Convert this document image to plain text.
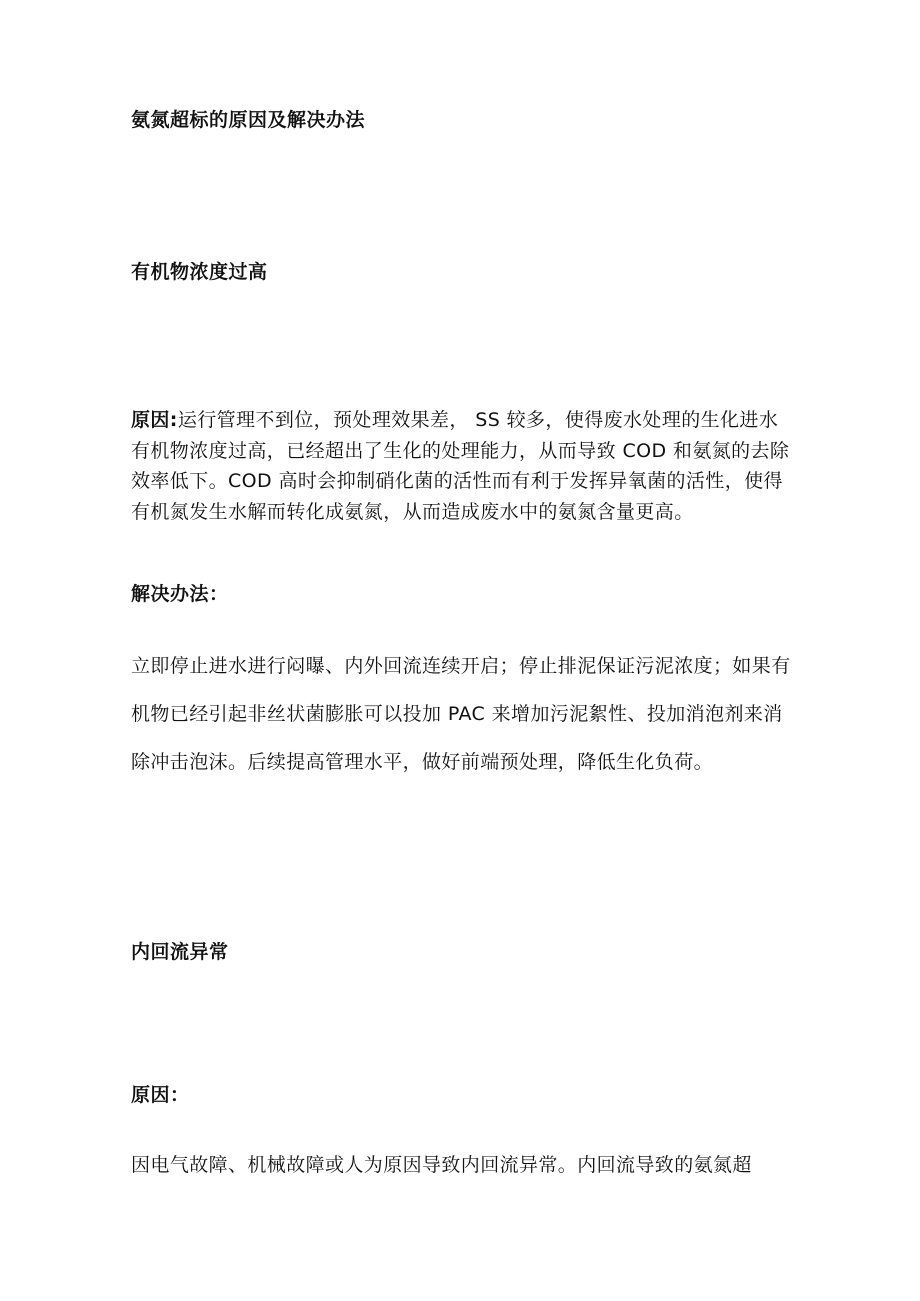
氨氮超标的原因及解决办法
有机物浓度过高

原因:运行管理不到位，预处理效果差， SS 较多，使得废水处理的生化进水有机物浓度过高，已经超出了生化的处理能力，从而导致 COD 和氨氮的去除效率低下。COD 高时会抑制硝化菌的活性而有利于发挥异氧菌的活性，使得有机氮发生水解而转化成氨氮，从而造成废水中的氨氮含量更高。

解决办法：

立即停止进水进行闷曝、内外回流连续开启；停止排泥保证污泥浓度；如果有机物已经引起非丝状菌膨胀可以投加 PAC 来增加污泥絮性、投加消泡剂来消除冲击泡沫。后续提高管理水平，做好前端预处理，降低生化负荷。

内回流异常
原因：

因电气故障、机械故障或人为原因导致内回流异常。内回流导致的氨氮超
